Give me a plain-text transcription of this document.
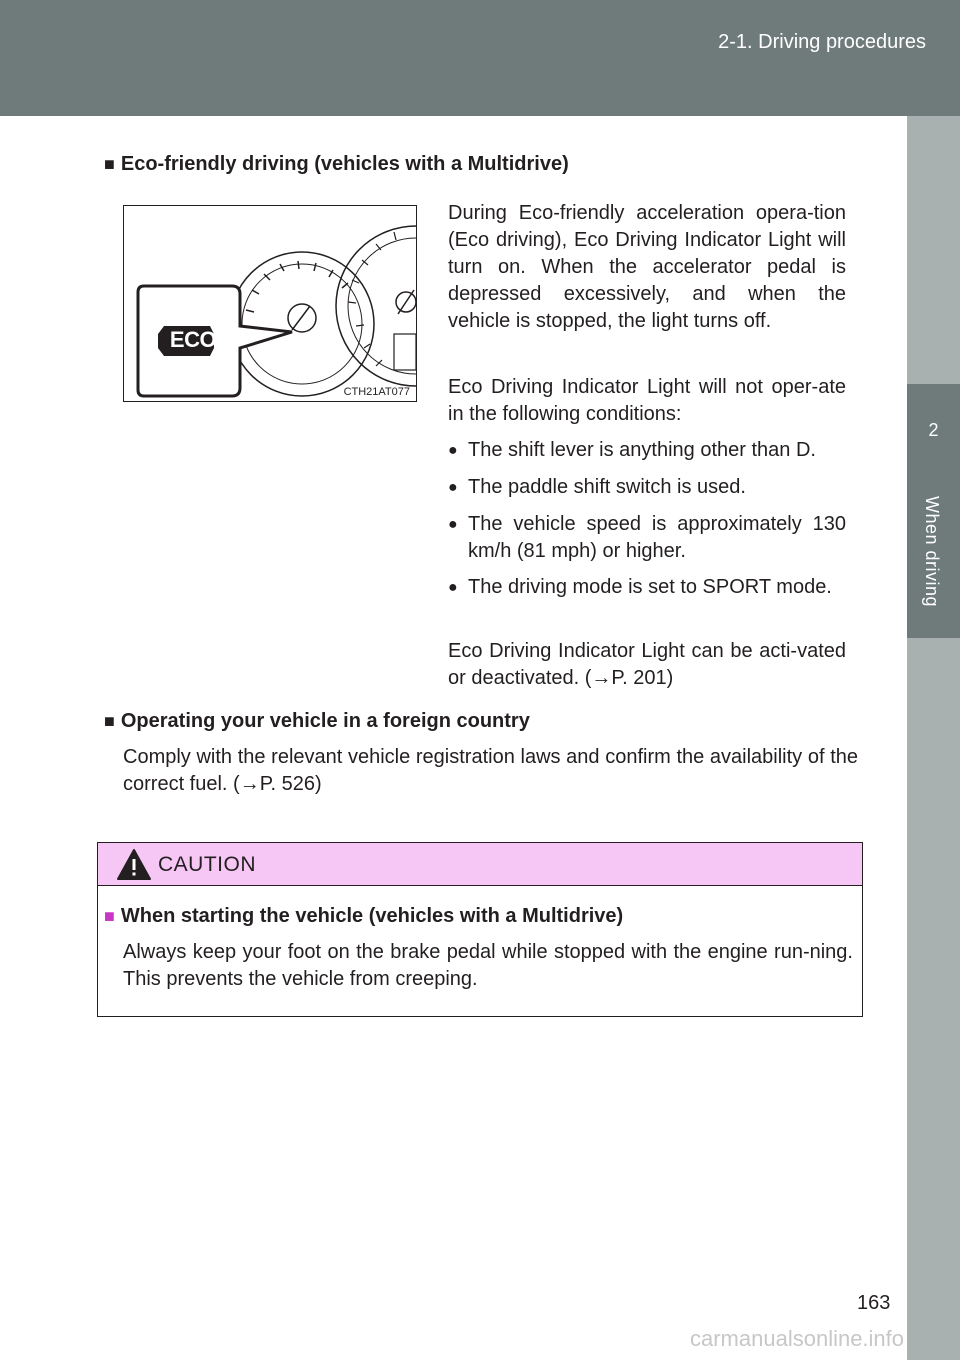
2-1. Driving procedures
2
When driving
■ Eco-friendly driving (vehicles with a Multidrive)
ECO
CTH21AT077
During Eco-friendly acceleration opera-tion (Eco driving), Eco Driving Indicator Light will turn on. When the accelerator pedal is depressed excessively, and when the vehicle is stopped, the light turns off.
Eco Driving Indicator Light will not oper-ate in the following conditions:
● The shift lever is anything other than D.
● The paddle shift switch is used.
● The vehicle speed is approximately 130 km/h (81 mph) or higher.
● The driving mode is set to SPORT mode.
Eco Driving Indicator Light can be acti-vated or deactivated. (→P. 201)
■ Operating your vehicle in a foreign country
Comply with the relevant vehicle registration laws and confirm the availability of the correct fuel. (→P. 526)
CAUTION
■ When starting the vehicle (vehicles with a Multidrive)
Always keep your foot on the brake pedal while stopped with the engine run-ning. This prevents the vehicle from creeping.
163
carmanualsonline.info
